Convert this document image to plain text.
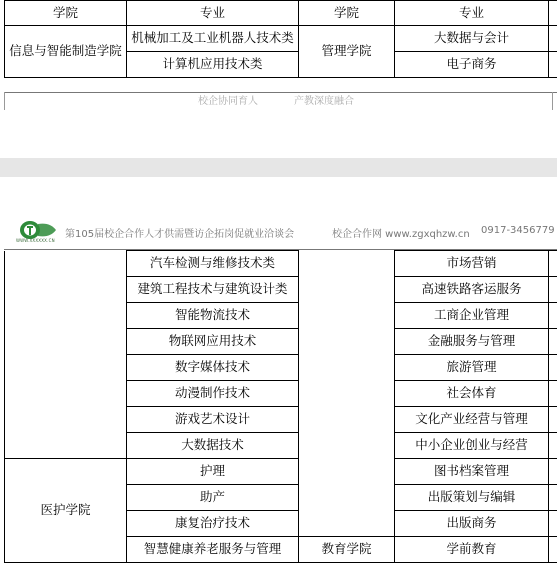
学院	专业	学院	专业	
信息与智能制造学院	机械加工及工业机器人技术类	管理学院	大数据与会计	
	计算机应用技术类		电子商务	
校企协同育人	产教深度融合
WWW.XXXXXX.CN
第105届校企合作人才供需暨访企拓岗促就业洽谈会	校企合作网 www.zgxqhzw.cn 0917-3456779
	汽车检测与维修技术类		市场营销	
	建筑工程技术与建筑设计类		高速铁路客运服务	
	智能物流技术		工商企业管理	
	物联网应用技术		金融服务与管理	
	数字媒体技术		旅游管理	
	动漫制作技术		社会体育	
	游戏艺术设计		文化产业经营与管理	
	大数据技术		中小企业创业与经营	
医护学院	护理		图书档案管理	
	助产		出版策划与编辑	
	康复治疗技术		出版商务	
	智慧健康养老服务与管理	教育学院	学前教育	
